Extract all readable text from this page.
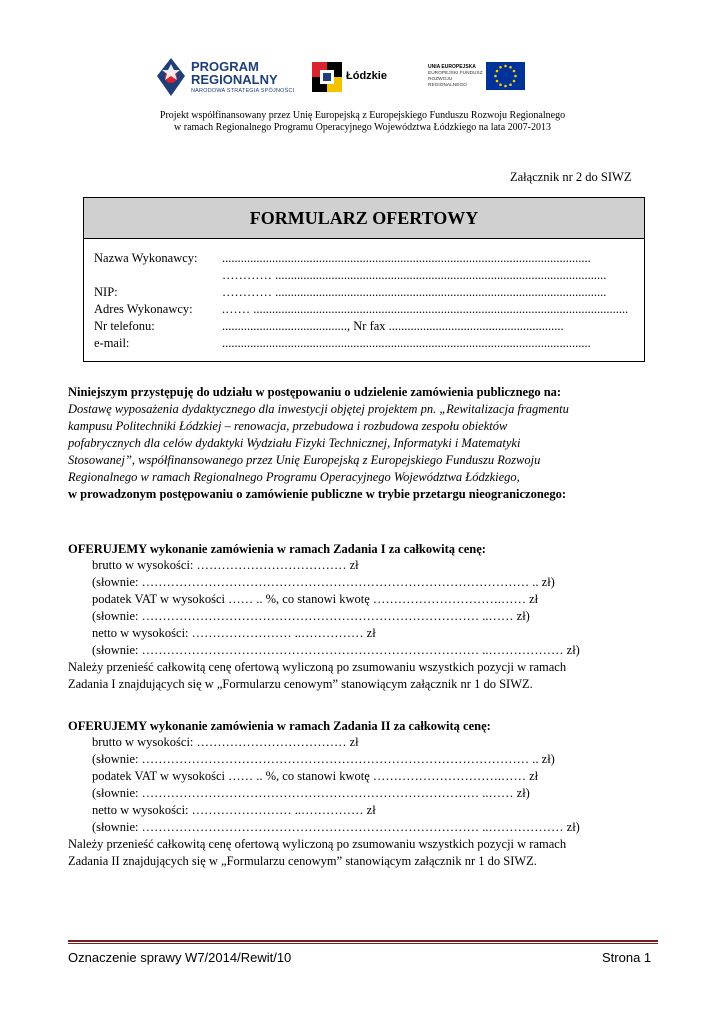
PROGRAM
REGIONALNY
NARODOWA STRATEGIA SPÓJNOŚCI
Łódzkie
UNIA EUROPEJSKA
EUROPEJSKI FUNDUSZ
ROZWOJU REGIONALNEGO
Projekt współfinansowany przez Unię Europejską z Europejskiego Funduszu Rozwoju Regionalnego
w ramach Regionalnego Programu Operacyjnego Województwa Łódzkiego na lata 2007-2013
Załącznik nr 2 do SIWZ
FORMULARZ OFERTOWY
Nazwa Wykonawcy: ......................................................................................................................
………… ..........................................................................................................
NIP:	………… ..........................................................................................................
Adres Wykonawcy: .…… ........................................................................................................................
Nr telefonu:	........................................, Nr fax ........................................................
e-mail:	......................................................................................................................
Niniejszym przystępuję do udziału w postępowaniu o udzielenie zamówienia publicznego na:
Dostawę wyposażenia dydaktycznego dla inwestycji objętej projektem pn. „Rewitalizacja fragmentu
kampusu Politechniki Łódzkiej – renowacja, przebudowa i rozbudowa zespołu obiektów
pofabrycznych dla celów dydaktyki Wydziału Fizyki Technicznej, Informatyki i Matematyki
Stosowanej”, współfinansowanego przez Unię Europejską z Europejskiego Funduszu Rozwoju
Regionalnego w ramach Regionalnego Programu Operacyjnego Województwa Łódzkiego,
w prowadzonym postępowaniu o zamówienie publiczne w trybie przetargu nieograniczonego:
OFERUJEMY wykonanie zamówienia w ramach Zadania I za całkowitą cenę:
brutto w wysokości: ……………………………… zł
(słownie: ………………………………………………………………………………… .. zł)
podatek VAT w wysokości …… .. %, co stanowi kwotę ………………………….…… zł
(słownie: ……………………………………………………………………… ..…… zł)
netto w wysokości: …………………… ..…………… zł
(słownie: ……………………………………………………………………… ..……………… zł)
Należy przenieść całkowitą cenę ofertową wyliczoną po zsumowaniu wszystkich pozycji w ramach
Zadania I znajdujących się w „Formularzu cenowym” stanowiącym załącznik nr 1 do SIWZ.
OFERUJEMY wykonanie zamówienia w ramach Zadania II za całkowitą cenę:
brutto w wysokości: ……………………………… zł
(słownie: ………………………………………………………………………………… .. zł)
podatek VAT w wysokości …… .. %, co stanowi kwotę ………………………….…… zł
(słownie: ……………………………………………………………………… ..…… zł)
netto w wysokości: …………………… ..…………… zł
(słownie: ……………………………………………………………………… ..……………… zł)
Należy przenieść całkowitą cenę ofertową wyliczoną po zsumowaniu wszystkich pozycji w ramach
Zadania II znajdujących się w „Formularzu cenowym” stanowiącym załącznik nr 1 do SIWZ.
Oznaczenie sprawy W7/2014/Rewit/10	Strona 1
